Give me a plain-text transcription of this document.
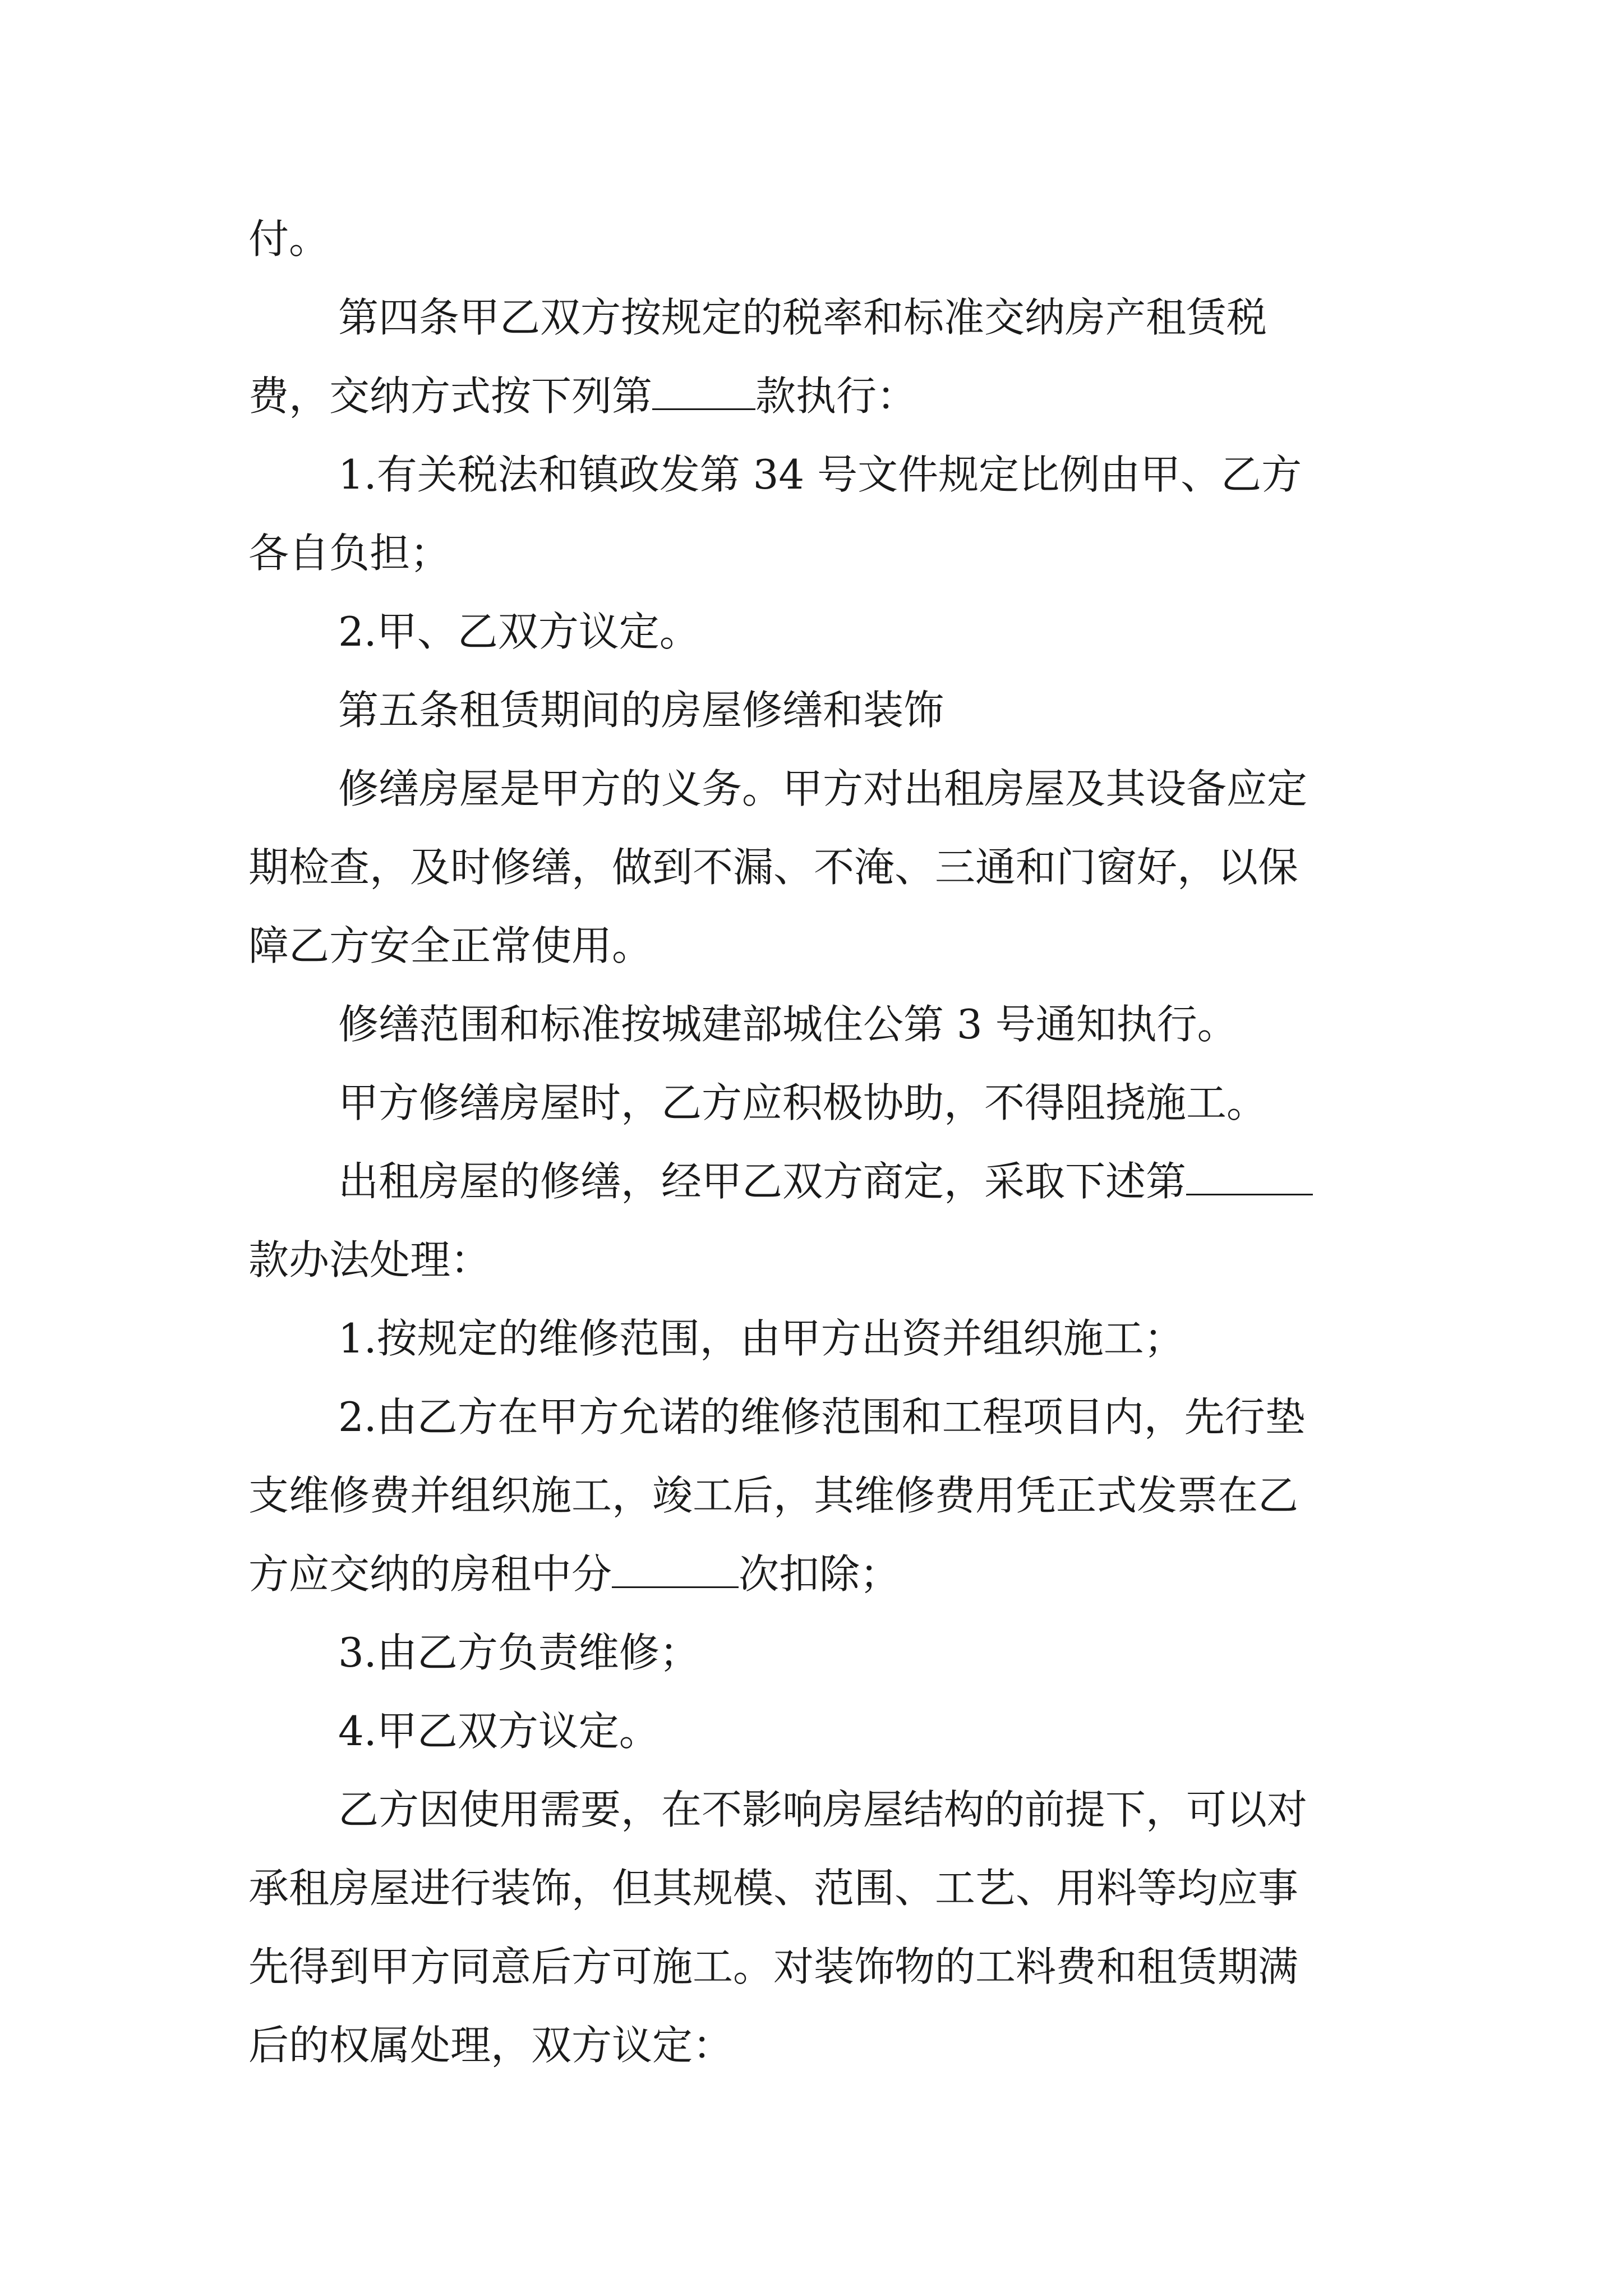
付。
第四条甲乙双方按规定的税率和标准交纳房产租赁税
费，交纳方式按下列第	款执行：
1.有关税法和镇政发第 34 号文件规定比例由甲、乙方
各自负担；
2.甲、乙双方议定。
第五条租赁期间的房屋修缮和装饰
修缮房屋是甲方的义务。甲方对出租房屋及其设备应定
期检查，及时修缮，做到不漏、不淹、三通和门窗好，以保
障乙方安全正常使用。
修缮范围和标准按城建部城住公第 3 号通知执行。
甲方修缮房屋时，乙方应积极协助，不得阻挠施工。
出租房屋的修缮，经甲乙双方商定，采取下述第
款办法处理：
1.按规定的维修范围，由甲方出资并组织施工；
2.由乙方在甲方允诺的维修范围和工程项目内，先行垫
支维修费并组织施工，竣工后，其维修费用凭正式发票在乙
方应交纳的房租中分	次扣除；
3.由乙方负责维修；
4.甲乙双方议定。
乙方因使用需要，在不影响房屋结构的前提下，可以对
承租房屋进行装饰，但其规模、范围、工艺、用料等均应事
先得到甲方同意后方可施工。对装饰物的工料费和租赁期满
后的权属处理，双方议定：
